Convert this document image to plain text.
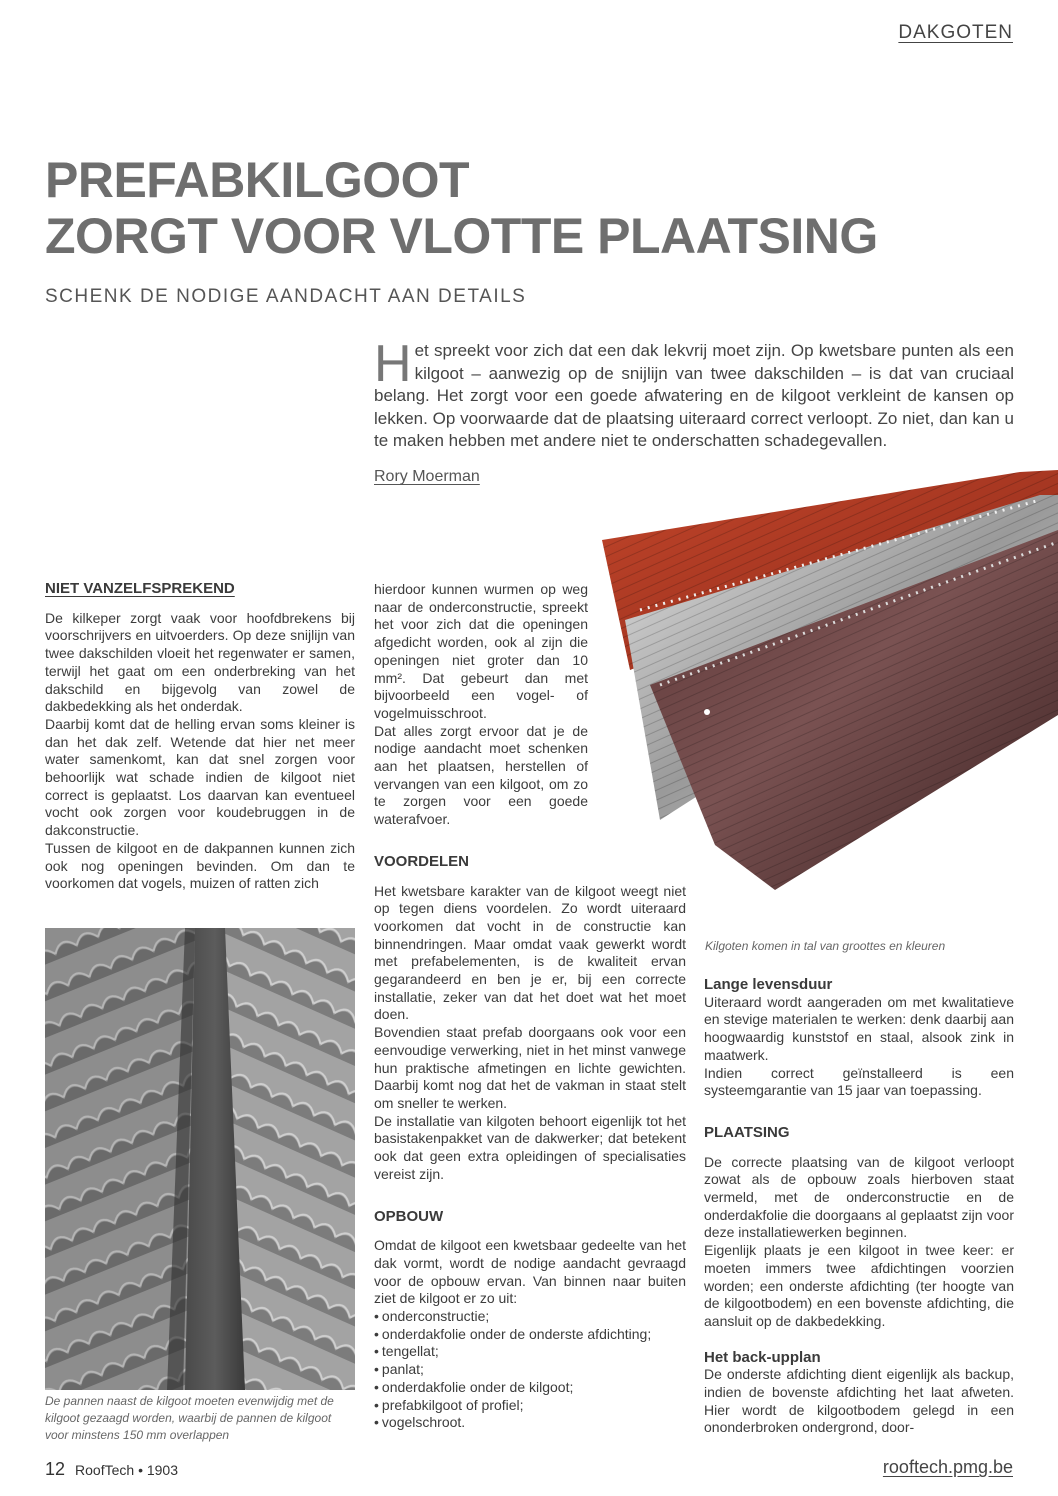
DAKGOTEN
PREFABKILGOOT
ZORGT VOOR VLOTTE PLAATSING
SCHENK DE NODIGE AANDACHT AAN DETAILS
Het spreekt voor zich dat een dak lekvrij moet zijn. Op kwetsbare punten als een kilgoot – aanwezig op de snijlijn van twee dakschilden – is dat van cruciaal belang. Het zorgt voor een goede afwatering en de kilgoot verkleint de kansen op lekken. Op voorwaarde dat de plaatsing uiteraard correct verloopt. Zo niet, dan kan u te maken hebben met andere niet te onderschatten schadegevallen.
Rory Moerman
Kilgoten komen in tal van groottes en kleuren
NIET VANZELFSPREKEND

De kilkeper zorgt vaak voor hoofdbrekens bij voorschrijvers en uitvoerders. Op deze snijlijn van twee dakschilden vloeit het regenwater er samen, terwijl het gaat om een onderbreking van het dakschild en bijgevolg van zowel de dakbedekking als het onderdak.

Daarbij komt dat de helling ervan soms kleiner is dan het dak zelf. Wetende dat hier net meer water samenkomt, kan dat snel zorgen voor behoorlijk wat schade indien de kilgoot niet correct is geplaatst. Los daarvan kan eventueel vocht ook zorgen voor koudebruggen in de dakconstructie.

Tussen de kilgoot en de dakpannen kunnen zich ook nog openingen bevinden. Om dan te voorkomen dat vogels, muizen of ratten zich

De pannen naast de kilgoot moeten evenwijdig met de kilgoot gezaagd worden, waarbij de pannen de kilgoot voor minstens 150 mm overlappen

hierdoor kunnen wurmen op weg naar de onderconstructie, spreekt het voor zich dat die openingen afgedicht worden, ook al zijn die openingen niet groter dan 10 mm². Dat gebeurt dan met bijvoorbeeld een vogel- of vogelmuisschroot.

Dat alles zorgt ervoor dat je de nodige aandacht moet schenken aan het plaatsen, herstellen of vervangen van een kilgoot, om zo te zorgen voor een goede waterafvoer.

VOORDELEN

Het kwetsbare karakter van de kilgoot weegt niet op tegen diens voordelen. Zo wordt uiteraard voorkomen dat vocht in de constructie kan binnendringen. Maar omdat vaak gewerkt wordt met prefabelementen, is de kwaliteit ervan gegarandeerd en ben je er, bij een correcte installatie, zeker van dat het doet wat het moet doen.

Bovendien staat prefab doorgaans ook voor een eenvoudige verwerking, niet in het minst vanwege hun praktische afmetingen en lichte gewichten. Daarbij komt nog dat het de vakman in staat stelt om sneller te werken.

De installatie van kilgoten behoort eigenlijk tot het basistakenpakket van de dakwerker; dat betekent ook dat geen extra opleidingen of specialisaties vereist zijn.

OPBOUW

Omdat de kilgoot een kwetsbaar gedeelte van het dak vormt, wordt de nodige aandacht gevraagd voor de opbouw ervan. Van binnen naar buiten ziet de kilgoot er zo uit:

• onderconstructie;
• onderdakfolie onder de onderste afdichting;
• tengellat;
• panlat;
• onderdakfolie onder de kilgoot;
• prefabkilgoot of profiel;
• vogelschroot.
Lange levensduur

Uiteraard wordt aangeraden om met kwalitatieve en stevige materialen te werken: denk daarbij aan hoogwaardig kunststof en staal, alsook zink in maatwerk.

Indien correct geïnstalleerd is een systeemgarantie van 15 jaar van toepassing.

PLAATSING

De correcte plaatsing van de kilgoot verloopt zowat als de opbouw zoals hierboven staat vermeld, met de onderconstructie en de onderdakfolie die doorgaans al geplaatst zijn voor deze installatiewerken beginnen.

Eigenlijk plaats je een kilgoot in twee keer: er moeten immers twee afdichtingen voorzien worden; een onderste afdichting (ter hoogte van de kilgootbodem) en een bovenste afdichting, die aansluit op de dakbedekking.

Het back-upplan

De onderste afdichting dient eigenlijk als backup, indien de bovenste afdichting het laat afweten. Hier wordt de kilgootbodem gelegd in een ononderbroken ondergrond, door-

12 RoofTech • 1903	rooftech.pmg.be
